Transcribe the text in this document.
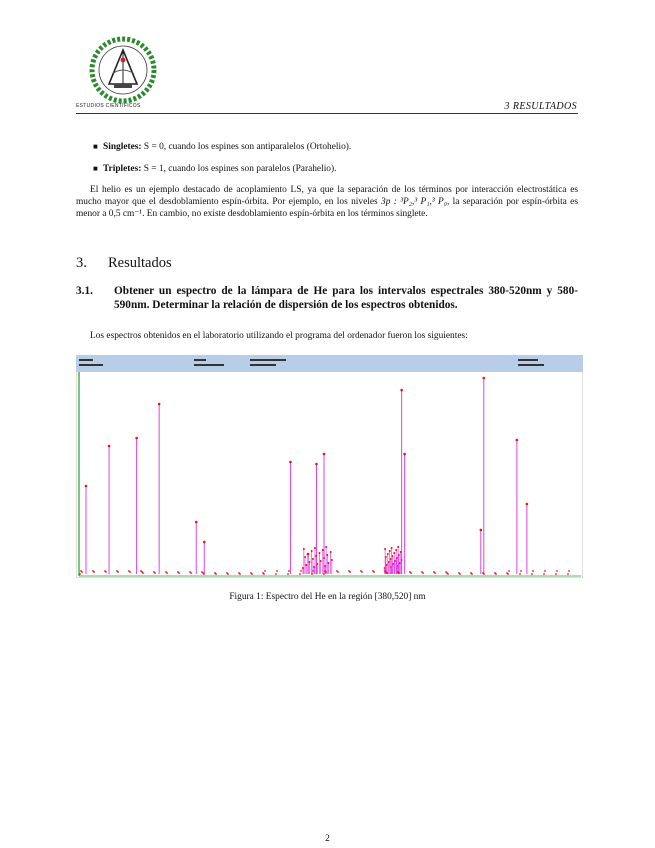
ESTUDIOS CIENTÍFICOS	3 RESULTADOS
■ Singletes: S = 0, cuando los espines son antiparalelos (Ortohelio).
■ Tripletes: S = 1, cuando los espines son paralelos (Parahelio).
El helio es un ejemplo destacado de acoplamiento LS, ya que la separación de los términos por interacción electrostática es mucho mayor que el desdoblamiento espín-órbita. Por ejemplo, en los niveles 3p : ³P₂,³ P₁,³ P₀, la separación por espín-órbita es menor a 0,5 cm⁻¹. En cambio, no existe desdoblamiento espín-órbita en los términos singlete.
3. Resultados
3.1. Obtener un espectro de la lámpara de He para los intervalos espectrales 380-520nm y 580-590nm. Determinar la relación de dispersión de los espectros obtenidos.
Los espectros obtenidos en el laboratorio utilizando el programa del ordenador fueron los siguientes:
Figura 1: Espectro del He en la región [380,520] nm
2
